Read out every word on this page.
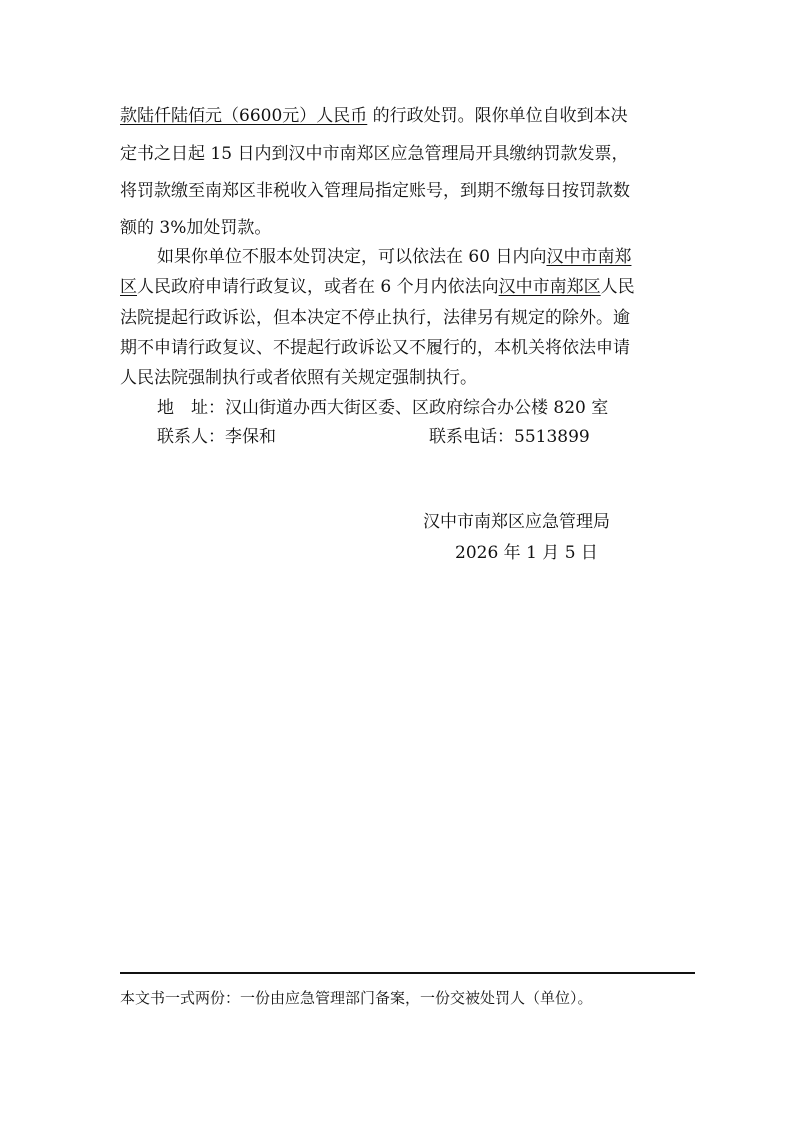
款陆仟陆佰元（6600元）人民币 的行政处罚。限你单位自收到本决
定书之日起 15 日内到汉中市南郑区应急管理局开具缴纳罚款发票，
将罚款缴至南郑区非税收入管理局指定账号，到期不缴每日按罚款数
额的 3%加处罚款。
如果你单位不服本处罚决定，可以依法在 60 日内向汉中市南郑
区人民政府申请行政复议，或者在 6 个月内依法向汉中市南郑区人民
法院提起行政诉讼，但本决定不停止执行，法律另有规定的除外。逾
期不申请行政复议、不提起行政诉讼又不履行的，本机关将依法申请
人民法院强制执行或者依照有关规定强制执行。
地　址：汉山街道办西大街区委、区政府综合办公楼 820 室
联系人：李保和	联系电话：5513899
汉中市南郑区应急管理局
2026 年 1 月 5 日
本文书一式两份：一份由应急管理部门备案，一份交被处罚人（单位）。
